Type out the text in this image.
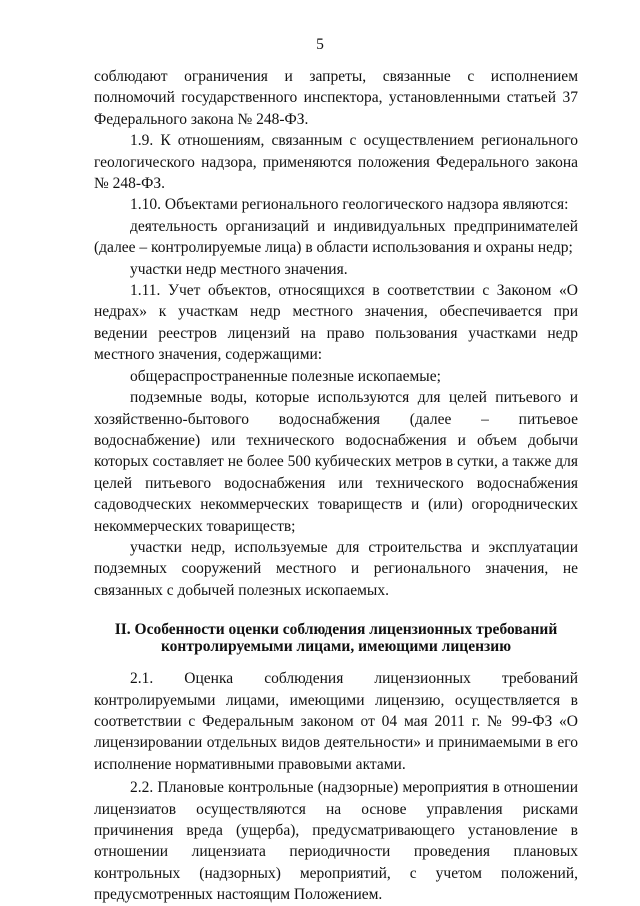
5

соблюдают ограничения и запреты, связанные с исполнением полномочий государственного инспектора, установленными статьей 37 Федерального закона № 248-ФЗ.

1.9. К отношениям, связанным с осуществлением регионального геологического надзора, применяются положения Федерального закона № 248-ФЗ.

1.10. Объектами регионального геологического надзора являются:

деятельность организаций и индивидуальных предпринимателей (далее – контролируемые лица) в области использования и охраны недр;

участки недр местного значения.

1.11. Учет объектов, относящихся в соответствии с Законом «О недрах» к участкам недр местного значения, обеспечивается при ведении реестров лицензий на право пользования участками недр местного значения, содержащими:

общераспространенные полезные ископаемые;

подземные воды, которые используются для целей питьевого и хозяйственно-бытового водоснабжения (далее – питьевое водоснабжение) или технического водоснабжения и объем добычи которых составляет не более 500 кубических метров в сутки, а также для целей питьевого водоснабжения или технического водоснабжения садоводческих некоммерческих товариществ и (или) огороднических некоммерческих товариществ;

участки недр, используемые для строительства и эксплуатации подземных сооружений местного и регионального значения, не связанных с добычей полезных ископаемых.

II. Особенности оценки соблюдения лицензионных требований контролируемыми лицами, имеющими лицензию

2.1. Оценка соблюдения лицензионных требований контролируемыми лицами, имеющими лицензию, осуществляется в соответствии с Федеральным законом от 04 мая 2011 г. № 99-ФЗ «О лицензировании отдельных видов деятельности» и принимаемыми в его исполнение нормативными правовыми актами.

2.2. Плановые контрольные (надзорные) мероприятия в отношении лицензиатов осуществляются на основе управления рисками причинения вреда (ущерба), предусматривающего установление в отношении лицензиата периодичности проведения плановых контрольных (надзорных) мероприятий, с учетом положений, предусмотренных настоящим Положением.
